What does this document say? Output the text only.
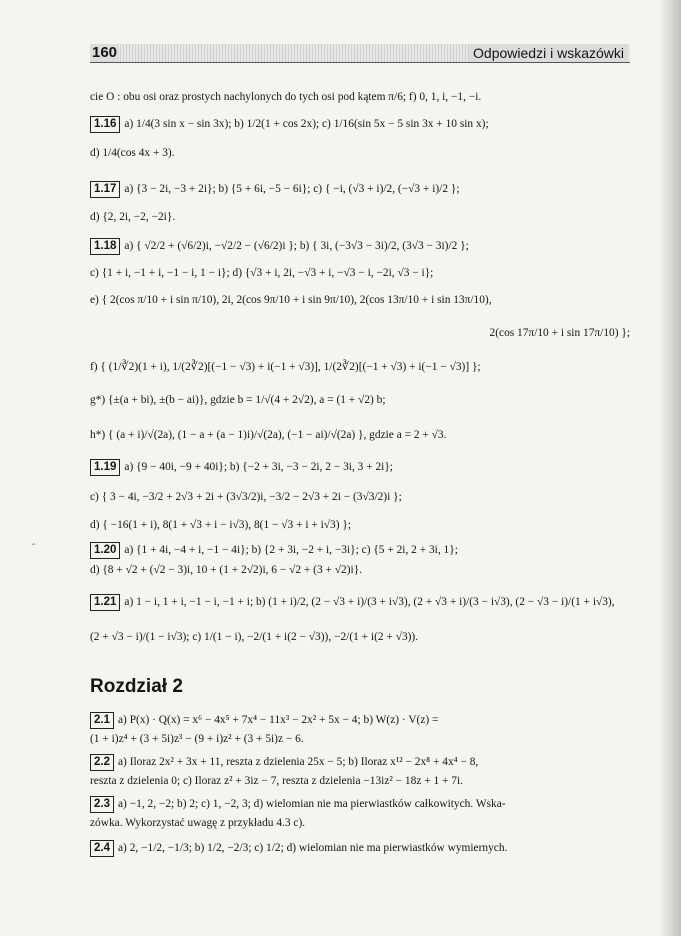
160	Odpowiedzi i wskazówki
cie O : obu osi oraz prostych nachylonych do tych osi pod kątem π/6; f) 0, 1, i, −1, −i.
1.16 a) 1/4(3 sin x − sin 3x); b) 1/2(1 + cos 2x); c) 1/16(sin 5x − 5 sin 3x + 10 sin x);
d) 1/4(cos 4x + 3).
1.17 a) {3 − 2i, −3 + 2i}; b) {5 + 6i, −5 − 6i}; c) { −i, (√3 + i)/2, (−√3 + i)/2 };
d) {2, 2i, −2, −2i}.
1.18 a) { √2/2 + (√6/2)i, −√2/2 − (√6/2)i }; b) { 3i, (−3√3 − 3i)/2, (3√3 − 3i)/2 };
c) {1 + i, −1 + i, −1 − i, 1 − i}; d) {√3 + i, 2i, −√3 + i, −√3 − i, −2i, √3 − i};
e) { 2(cos π/10 + i sin π/10), 2i, 2(cos 9π/10 + i sin 9π/10), 2(cos 13π/10 + i sin 13π/10),
2(cos 17π/10 + i sin 17π/10) };
f) { (1/∛2)(1 + i), 1/(2∛2)[(−1 − √3) + i(−1 + √3)], 1/(2∛2)[(−1 + √3) + i(−1 − √3)] };
g*) {±(a + bi), ±(b − ai)}, gdzie b = 1/√(4 + 2√2), a = (1 + √2) b;
h*) { (a + i)/√(2a), (1 − a + (a − 1)i)/√(2a), (−1 − ai)/√(2a) }, gdzie a = 2 + √3.
1.19 a) {9 − 40i, −9 + 40i}; b) {−2 + 3i, −3 − 2i, 2 − 3i, 3 + 2i};
c) { 3 − 4i, −3/2 + 2√3 + 2i + (3√3/2)i, −3/2 − 2√3 + 2i − (3√3/2)i };
d) { −16(1 + i), 8(1 + √3 + i − i√3), 8(1 − √3 + i + i√3) };
1.20 a) {1 + 4i, −4 + i, −1 − 4i}; b) {2 + 3i, −2 + i, −3i}; c) {5 + 2i, 2 + 3i, 1};
d) {8 + √2 + (√2 − 3)i, 10 + (1 + 2√2)i, 6 − √2 + (3 + √2)i}.
1.21 a) 1 − i, 1 + i, −1 − i, −1 + i; b) (1 + i)/2, (2 − √3 + i)/(3 + i√3), (2 + √3 + i)/(3 − i√3), (2 − √3 − i)/(1 + i√3),
(2 + √3 − i)/(1 − i√3); c) 1/(1 − i), −2/(1 + i(2 − √3)), −2/(1 + i(2 + √3)).
Rozdział 2
2.1 a) P(x) · Q(x) = x⁶ − 4x⁵ + 7x⁴ − 11x³ − 2x² + 5x − 4; b) W(z) · V(z) =
(1 + i)z⁴ + (3 + 5i)z³ − (9 + i)z² + (3 + 5i)z − 6.
2.2 a) Iloraz 2x² + 3x + 11, reszta z dzielenia 25x − 5; b) Iloraz x¹² − 2x⁸ + 4x⁴ − 8,
reszta z dzielenia 0; c) Iloraz z² + 3iz − 7, reszta z dzielenia −13iz² − 18z + 1 + 7i.
2.3 a) −1, 2, −2; b) 2; c) 1, −2, 3; d) wielomian nie ma pierwiastków całkowitych. Wska-
zówka. Wykorzystać uwagę z przykładu 4.3 c).
2.4 a) 2, −1/2, −1/3; b) 1/2, −2/3; c) 1/2; d) wielomian nie ma pierwiastków wymiernych.
ˆ
